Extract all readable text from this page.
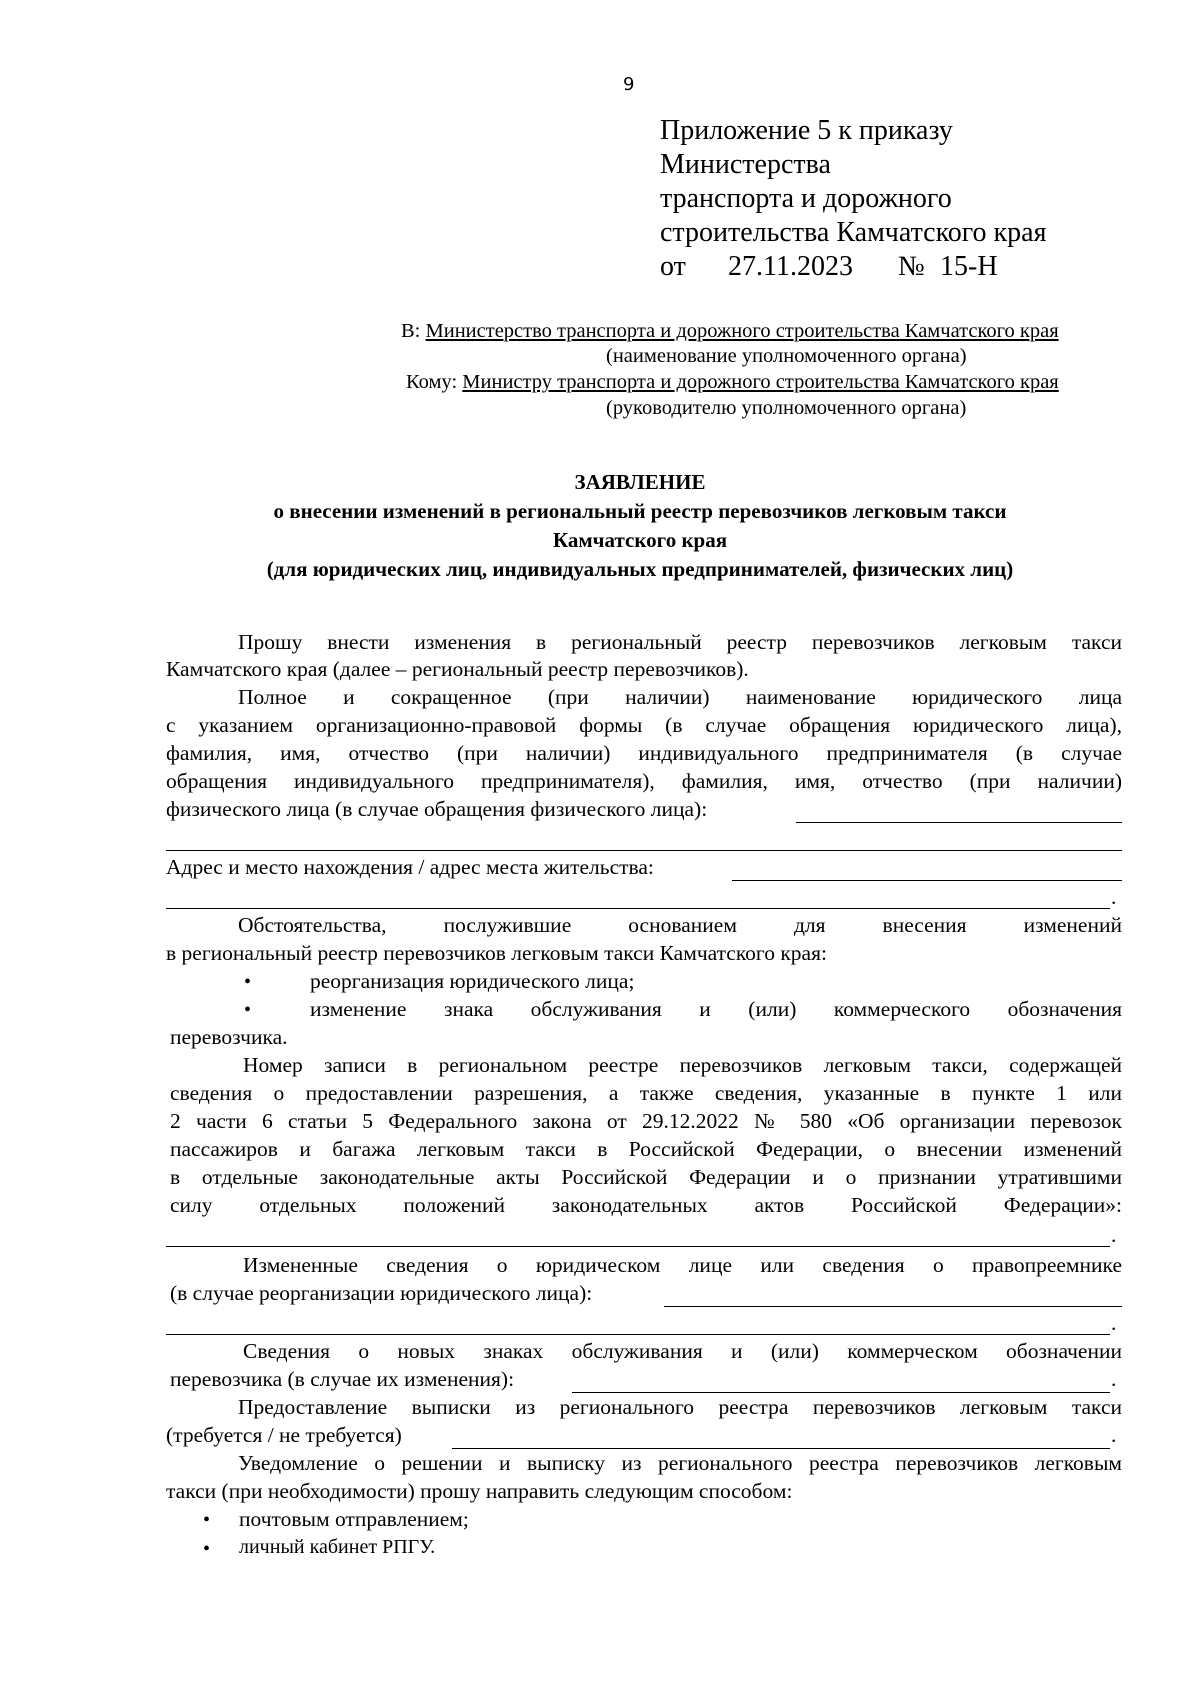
9
Приложение 5 к приказу
Министерства
транспорта и дорожного
строительства Камчатского края
от 27.11.2023 № 15-Н
В: Министерство транспорта и дорожного строительства Камчатского края
(наименование уполномоченного органа)
Кому: Министру транспорта и дорожного строительства Камчатского края
(руководителю уполномоченного органа)
ЗАЯВЛЕНИЕ
о внесении изменений в региональный реестр перевозчиков легковым такси
Камчатского края
(для юридических лиц, индивидуальных предпринимателей, физических лиц)
Прошу внести изменения в региональный реестр перевозчиков легковым такси
Камчатского края (далее – региональный реестр перевозчиков).
Полное и сокращенное (при наличии) наименование юридического лица
с указанием организационно-правовой формы (в случае обращения юридического лица),
фамилия, имя, отчество (при наличии) индивидуального предпринимателя (в случае
обращения индивидуального предпринимателя), фамилия, имя, отчество (при наличии)
физического лица (в случае обращения физического лица):
Адрес и место нахождения / адрес места жительства:
.
Обстоятельства, послужившие основанием для внесения изменений
в региональный реестр перевозчиков легковым такси Камчатского края:
•	реорганизация юридического лица;
•	изменение знака обслуживания и (или) коммерческого обозначения
перевозчика.
Номер записи в региональном реестре перевозчиков легковым такси, содержащей
сведения о предоставлении разрешения, а также сведения, указанные в пункте 1 или
2 части 6 статьи 5 Федерального закона от 29.12.2022 № 580 «Об организации перевозок
пассажиров и багажа легковым такси в Российской Федерации, о внесении изменений
в отдельные законодательные акты Российской Федерации и о признании утратившими
силу отдельных положений законодательных актов Российской Федерации»:
.
Измененные сведения о юридическом лице или сведения о правопреемнике
(в случае реорганизации юридического лица):
.
Сведения о новых знаках обслуживания и (или) коммерческом обозначении
перевозчика (в случае их изменения):	.
Предоставление выписки из регионального реестра перевозчиков легковым такси
(требуется / не требуется)	.
Уведомление о решении и выписку из регионального реестра перевозчиков легковым
такси (при необходимости) прошу направить следующим способом:
• почтовым отправлением;
• личный кабинет РПГУ.
